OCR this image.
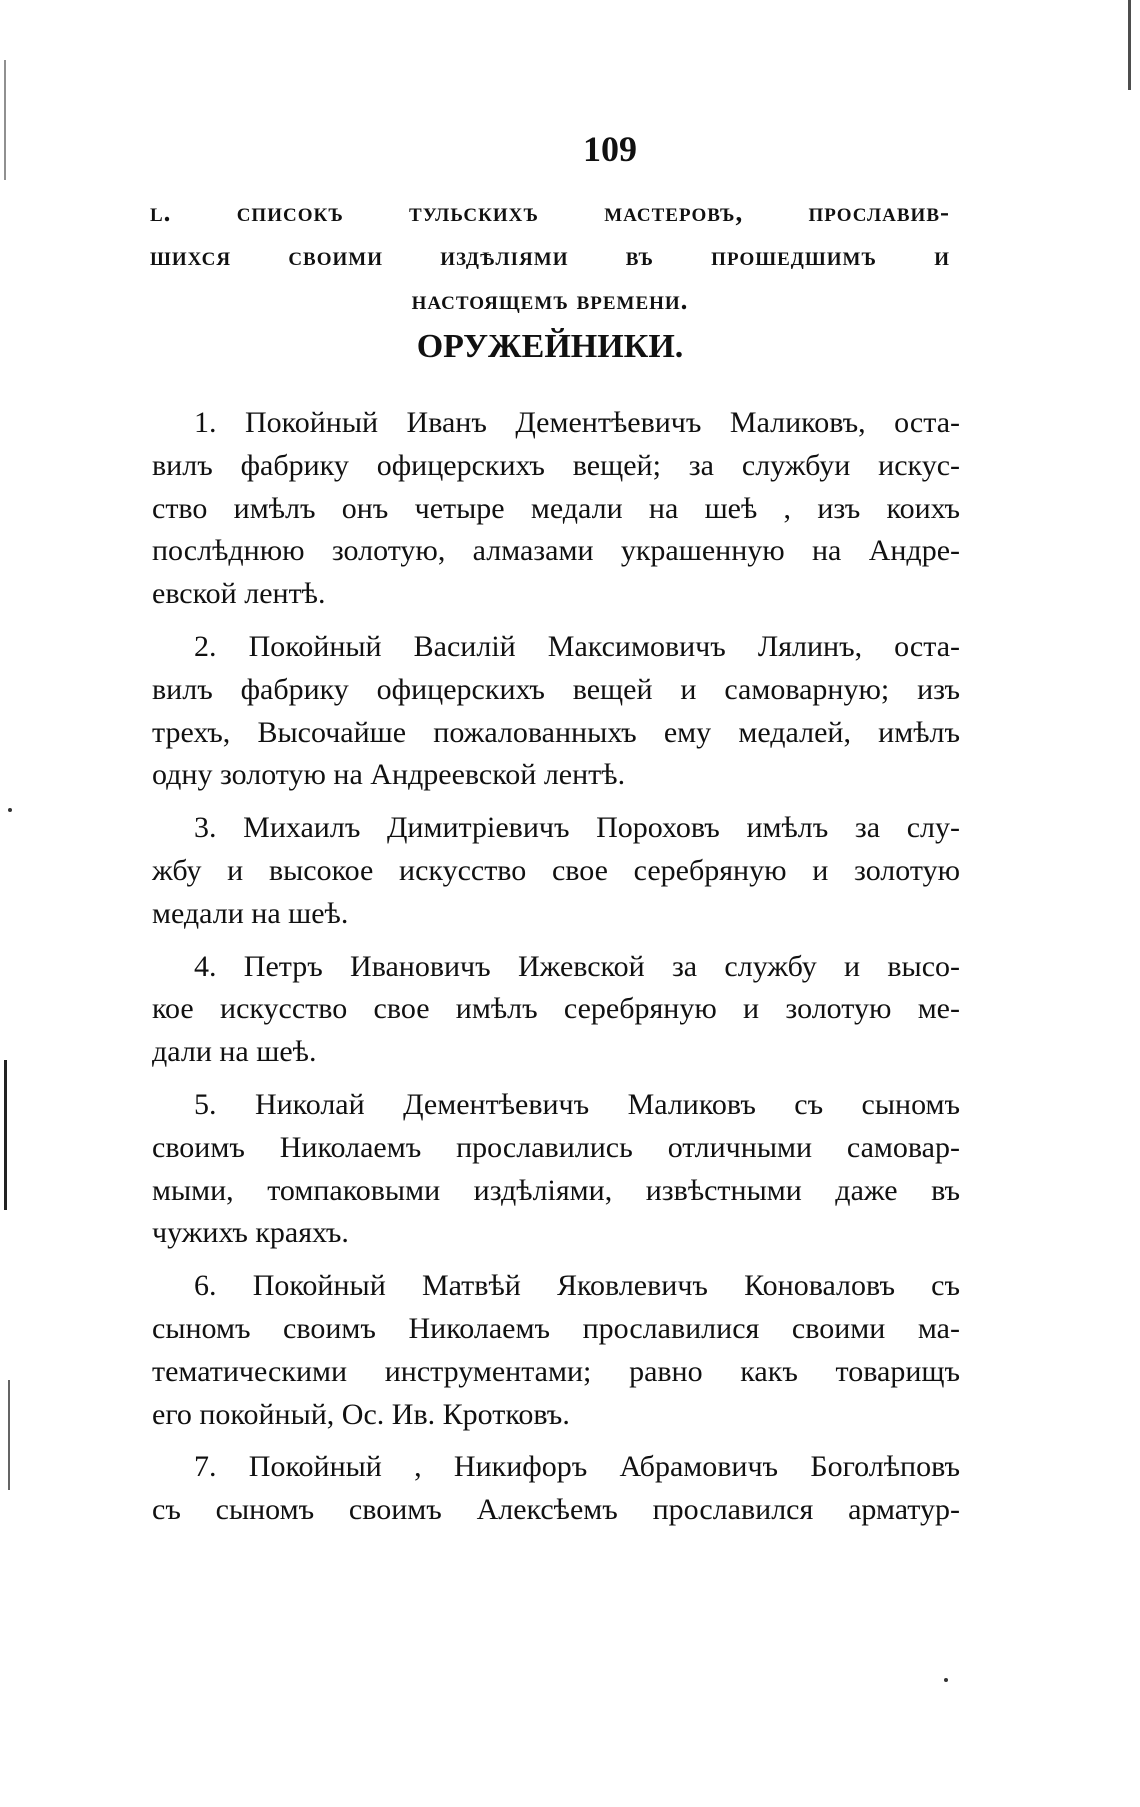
109
l. списокъ тульскихъ мастеровъ, прославив-
шихся своими издѣлiями въ прошедшимъ и
настоящемъ времени.
ОРУЖЕЙНИКИ.
1. Покойный Иванъ Дементѣевичъ Маликовъ, оста-
вилъ фабрику офицерскихъ вещей; за службуи искус-
ство имѣлъ онъ четыре медали на шеѣ , изъ коихъ
послѣднюю золотую, алмазами украшенную на Андре-
евской лентѣ.
2. Покойный Василiй Максимовичъ Лялинъ, оста-
вилъ фабрику офицерскихъ вещей и самоварную; изъ
трехъ, Высочайше пожалованныхъ ему медалей, имѣлъ
одну золотую на Андреевской лентѣ.
3. Михаилъ Димитрiевичъ Пороховъ имѣлъ за слу-
жбу и высокое искусство свое серебряную и золотую
медали на шеѣ.
4. Петръ Ивановичъ Ижевской за службу и высо-
кое искусство свое имѣлъ серебряную и золотую ме-
дали на шеѣ.
5. Николай Дементѣевичъ Маликовъ съ сыномъ
своимъ Николаемъ прославились отличными самовар-
мыми, томпаковыми издѣлiями, извѣстными даже въ
чужихъ краяхъ.
6. Покойный Матвѣй Яковлевичъ Коноваловъ съ
сыномъ своимъ Николаемъ прославилися своими ма-
тематическими инструментами; равно какъ товарищъ
его покойный, Ос. Ив. Кротковъ.
7. Покойный , Никифоръ Абрамовичъ Боголѣповъ
съ сыномъ своимъ Алексѣемъ прославился арматур-
